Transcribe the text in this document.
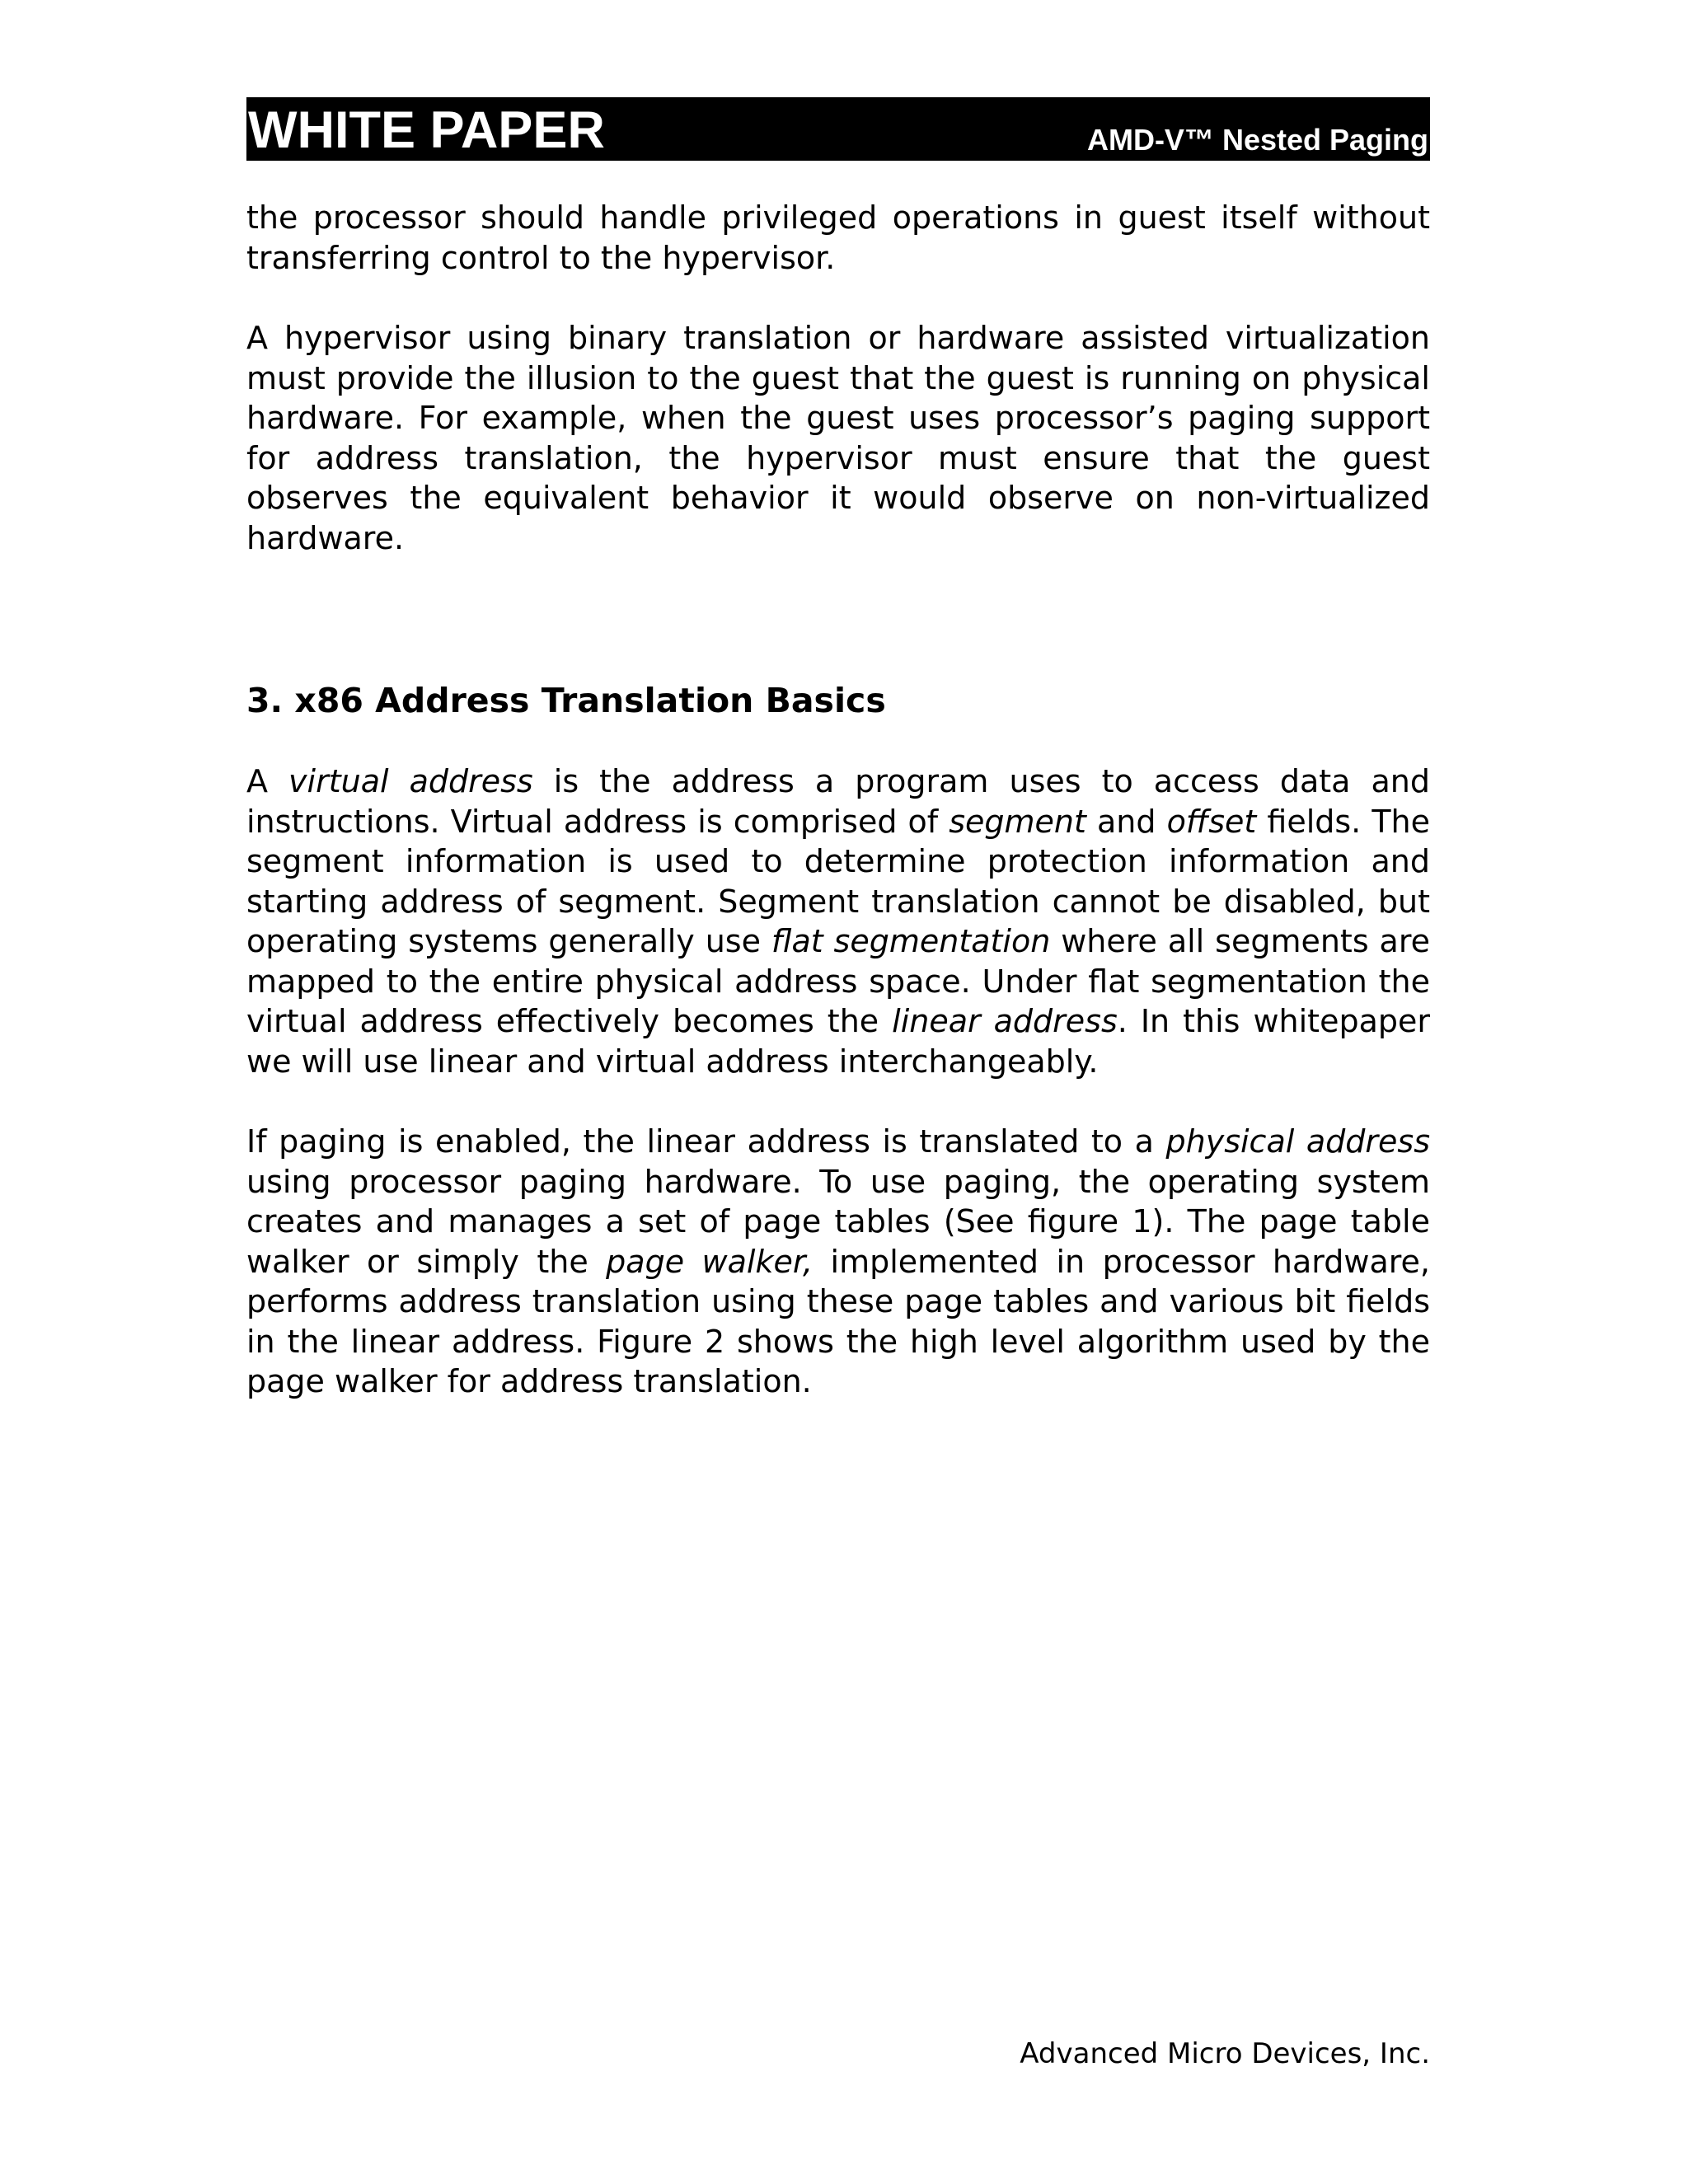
WHITE PAPER	AMD-V™ Nested Paging

the processor should handle privileged operations in guest itself without transferring control to the hypervisor.

A hypervisor using binary translation or hardware assisted virtualization must provide the illusion to the guest that the guest is running on physical hardware. For example, when the guest uses processor’s paging support for address translation, the hypervisor must ensure that the guest observes the equivalent behavior it would observe on non-virtualized hardware.

3. x86 Address Translation Basics

A virtual address is the address a program uses to access data and instructions. Virtual address is comprised of segment and offset fields. The segment information is used to determine protection information and starting address of segment. Segment translation cannot be disabled, but operating systems generally use flat segmentation where all segments are mapped to the entire physical address space. Under flat segmentation the virtual address effectively becomes the linear address. In this whitepaper we will use linear and virtual address interchangeably.

If paging is enabled, the linear address is translated to a physical address using processor paging hardware. To use paging, the operating system creates and manages a set of page tables (See figure 1). The page table walker or simply the page walker, implemented in processor hardware, performs address translation using these page tables and various bit fields in the linear address. Figure 2 shows the high level algorithm used by the page walker for address translation.

Advanced Micro Devices, Inc.
